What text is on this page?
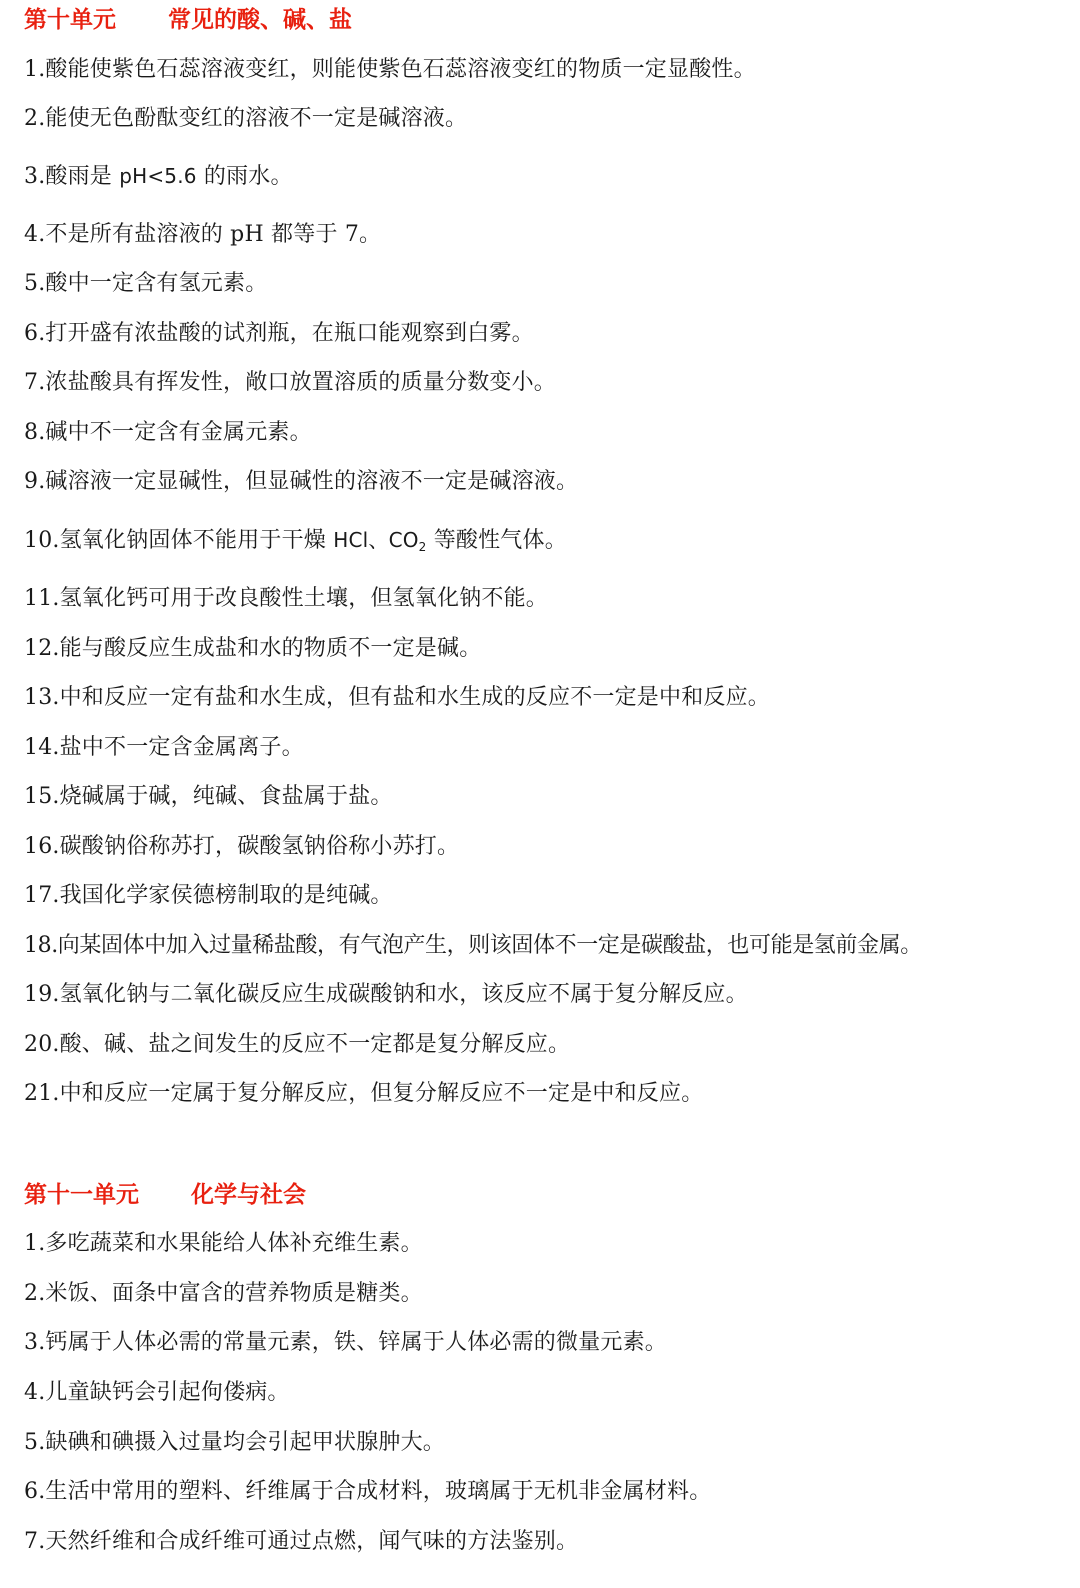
第十单元 常见的酸、碱、盐
1.酸能使紫色石蕊溶液变红，则能使紫色石蕊溶液变红的物质一定显酸性。
2.能使无色酚酞变红的溶液不一定是碱溶液。
3.酸雨是 pH<5.6 的雨水。
4.不是所有盐溶液的 pH 都等于 7。
5.酸中一定含有氢元素。
6.打开盛有浓盐酸的试剂瓶，在瓶口能观察到白雾。
7.浓盐酸具有挥发性，敞口放置溶质的质量分数变小。
8.碱中不一定含有金属元素。
9.碱溶液一定显碱性，但显碱性的溶液不一定是碱溶液。
10.氢氧化钠固体不能用于干燥 HCl、$CO_2$ 等酸性气体。
11.氢氧化钙可用于改良酸性土壤，但氢氧化钠不能。
12.能与酸反应生成盐和水的物质不一定是碱。
13.中和反应一定有盐和水生成，但有盐和水生成的反应不一定是中和反应。
14.盐中不一定含金属离子。
15.烧碱属于碱，纯碱、食盐属于盐。
16.碳酸钠俗称苏打，碳酸氢钠俗称小苏打。
17.我国化学家侯德榜制取的是纯碱。
18.向某固体中加入过量稀盐酸，有气泡产生，则该固体不一定是碳酸盐，也可能是氢前金属。
19.氢氧化钠与二氧化碳反应生成碳酸钠和水，该反应不属于复分解反应。
20.酸、碱、盐之间发生的反应不一定都是复分解反应。
21.中和反应一定属于复分解反应，但复分解反应不一定是中和反应。
第十一单元 化学与社会
1.多吃蔬菜和水果能给人体补充维生素。
2.米饭、面条中富含的营养物质是糖类。
3.钙属于人体必需的常量元素，铁、锌属于人体必需的微量元素。
4.儿童缺钙会引起佝偻病。
5.缺碘和碘摄入过量均会引起甲状腺肿大。
6.生活中常用的塑料、纤维属于合成材料，玻璃属于无机非金属材料。
7.天然纤维和合成纤维可通过点燃，闻气味的方法鉴别。
